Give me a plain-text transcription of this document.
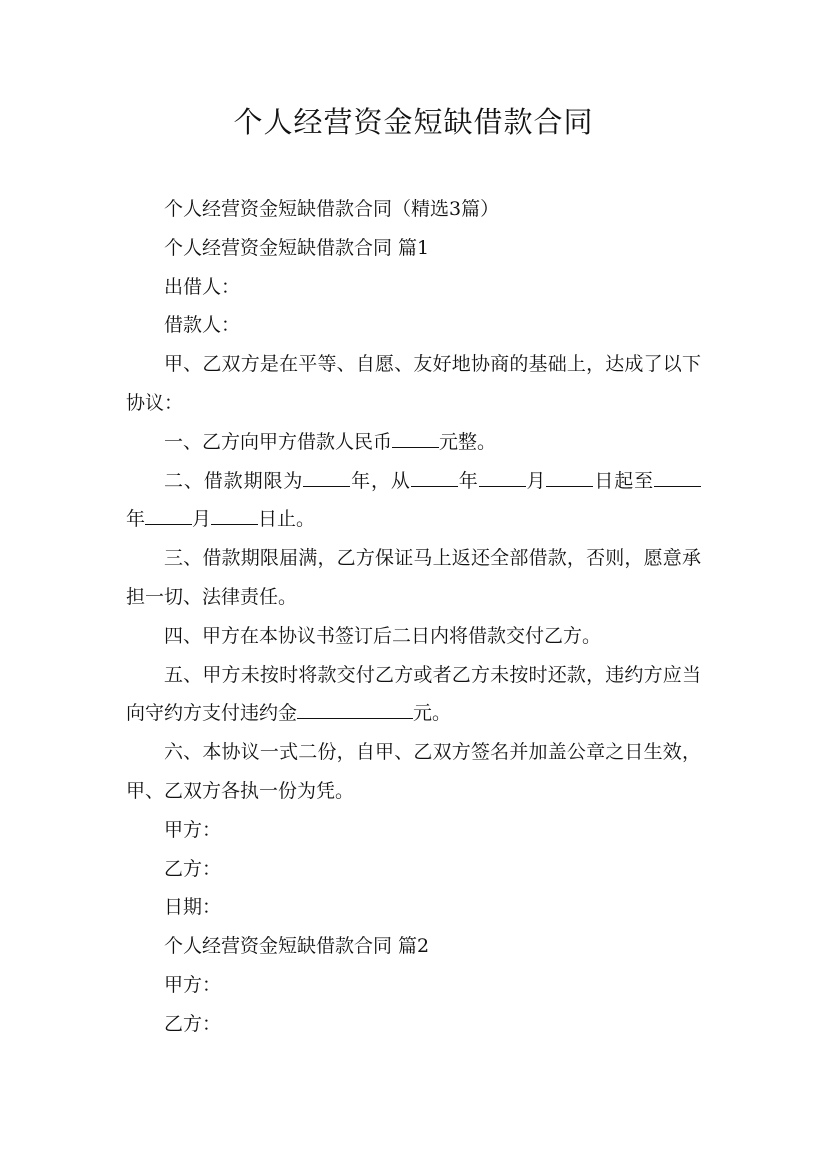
个人经营资金短缺借款合同

个人经营资金短缺借款合同（精选3篇）

个人经营资金短缺借款合同 篇1

出借人：

借款人：

甲、乙双方是在平等、自愿、友好地协商的基础上，达成了以下协议：

一、乙方向甲方借款人民币 元整。

二、借款期限为 年，从 年 月 日起至年 月 日止。

三、借款期限届满，乙方保证马上返还全部借款，否则，愿意承担一切、法律责任。

四、甲方在本协议书签订后二日内将借款交付乙方。

五、甲方未按时将款交付乙方或者乙方未按时还款，违约方应当向守约方支付违约金	元。

六、本协议一式二份，自甲、乙双方签名并加盖公章之日生效，甲、乙双方各执一份为凭。

甲方：

乙方：

日期：

个人经营资金短缺借款合同 篇2

甲方：

乙方：
